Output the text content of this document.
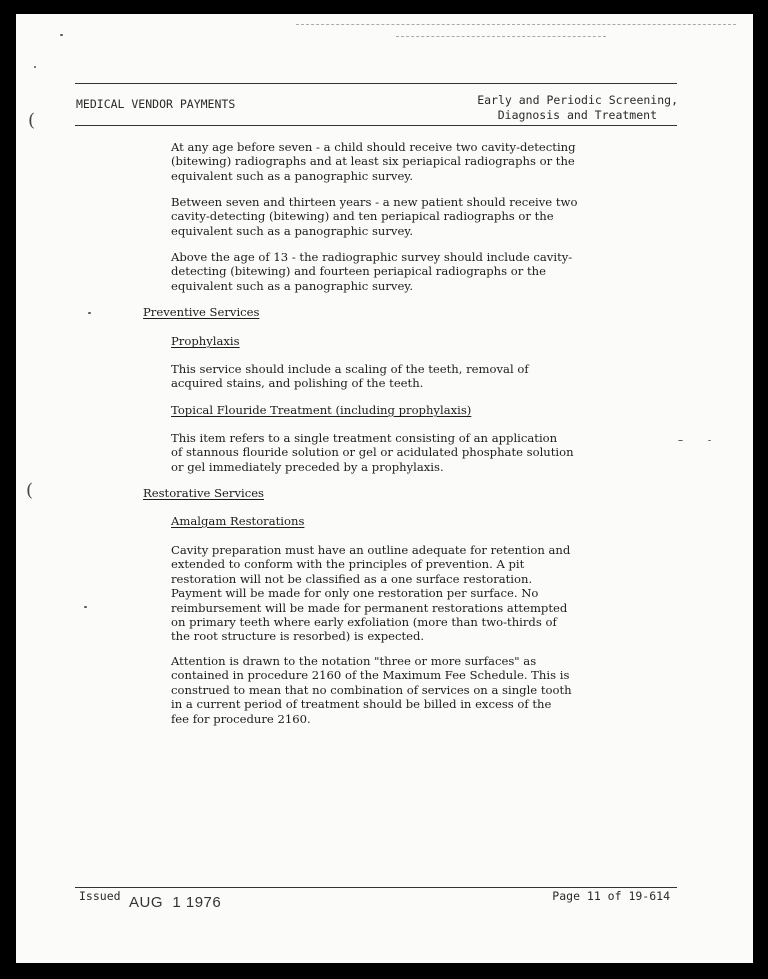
(
(
MEDICAL VENDOR PAYMENTS	Early and Periodic Screening,
Diagnosis and Treatment
At any age before seven - a child should receive two cavity-detecting
(bitewing) radiographs and at least six periapical radiographs or the
equivalent such as a panographic survey.
Between seven and thirteen years - a new patient should receive two
cavity-detecting (bitewing) and ten periapical radiographs or the
equivalent such as a panographic survey.
Above the age of 13 - the radiographic survey should include cavity-
detecting (bitewing) and fourteen periapical radiographs or the
equivalent such as a panographic survey.
Preventive Services
Prophylaxis
This service should include a scaling of the teeth, removal of
acquired stains, and polishing of the teeth.
Topical Flouride Treatment (including prophylaxis)
This item refers to a single treatment consisting of an application
of stannous flouride solution or gel or acidulated phosphate solution
or gel immediately preceded by a prophylaxis.
Restorative Services
Amalgam Restorations
Cavity preparation must have an outline adequate for retention and
extended to conform with the principles of prevention. A pit
restoration will not be classified as a one surface restoration.
Payment will be made for only one restoration per surface. No
reimbursement will be made for permanent restorations attempted
on primary teeth where early exfoliation (more than two-thirds of
the root structure is resorbed) is expected.
Attention is drawn to the notation "three or more surfaces" as
contained in procedure 2160 of the Maximum Fee Schedule. This is
construed to mean that no combination of services on a single tooth
in a current period of treatment should be billed in excess of the
fee for procedure 2160.
Issued AUG  1 1976	Page 11 of 19-614
